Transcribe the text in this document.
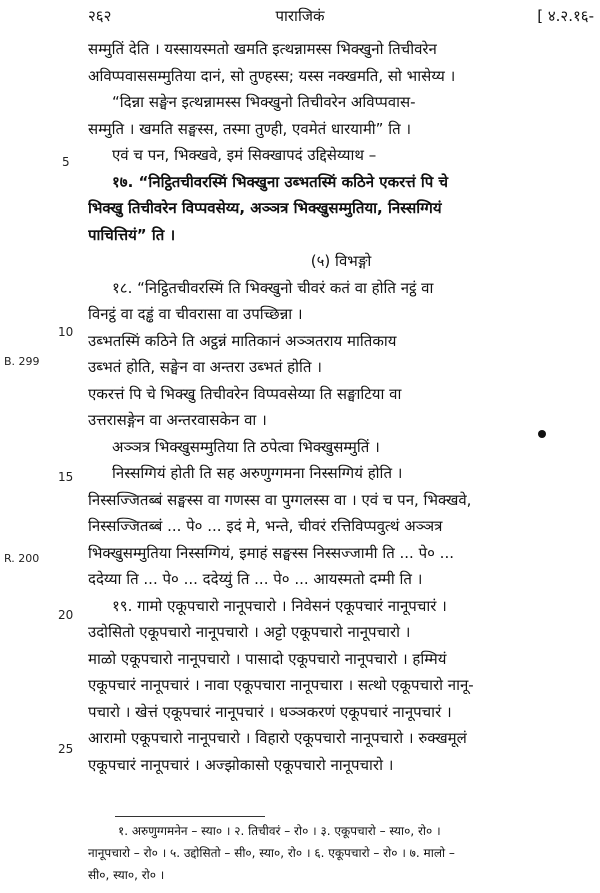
२६२	पाराजिकं	[ ४.२.१६-
5
10
15
20
25
B. 299
R. 200
सम्मुतिं देति । यस्सायस्मतो खमति इत्थन्नामस्स भिक्खुनो तिचीवरेन
अविप्पवाससम्मुतिया दानं, सो तुण्हस्स; यस्स नक्खमति, सो भासेय्य ।
“दिन्ना सङ्घेन इत्थन्नामस्स भिक्खुनो तिचीवरेन अविप्पवास-
सम्मुति । खमति सङ्घस्स, तस्मा तुण्ही, एवमेतं धारयामी” ति ।
एवं च पन, भिक्खवे, इमं सिक्खापदं उद्दिसेय्याथ –
१७. “निट्ठितचीवरस्मिं भिक्खुना उब्भतस्मिं कठिने एकरत्तं पि चे
भिक्खु तिचीवरेन विप्पवसेय्य, अञ्ञत्र भिक्खुसम्मुतिया, निस्सग्गियं
पाचित्तियं” ति ।
(५) विभङ्गो
१८. “निट्ठितचीवरस्मिं ति भिक्खुनो चीवरं कतं वा होति नट्ठं वा
विनट्ठं वा दड्ढं वा चीवरासा वा उपच्छिन्ना ।
उब्भतस्मिं कठिने ति अट्ठन्नं मातिकानं अञ्ञतराय मातिकाय
उब्भतं होति, सङ्घेन वा अन्तरा उब्भतं होति ।
एकरत्तं पि चे भिक्खु तिचीवरेन विप्पवसेय्या ति सङ्घाटिया वा
उत्तरासङ्गेन वा अन्तरवासकेन वा ।
अञ्ञत्र भिक्खुसम्मुतिया ति ठपेत्वा भिक्खुसम्मुतिं ।
निस्सग्गियं होती ति सह अरुणुग्गमना निस्सग्गियं होति ।
निस्सज्जितब्बं सङ्घस्स वा गणस्स वा पुग्गलस्स वा । एवं च पन, भिक्खवे,
निस्सज्जितब्बं ... पे० ... इदं मे, भन्ते, चीवरं रत्तिविप्पवुत्थं अञ्ञत्र
भिक्खुसम्मुतिया निस्सग्गियं, इमाहं सङ्घस्स निस्सज्जामी ति ... पे० ...
ददेय्या ति ... पे० ... ददेय्युं ति ... पे० ... आयस्मतो दम्मी ति ।
१९. गामो एकूपचारो नानूपचारो । निवेसनं एकूपचारं नानूपचारं ।
उदोसितो एकूपचारो नानूपचारो । अट्टो एकूपचारो नानूपचारो ।
माळो एकूपचारो नानूपचारो । पासादो एकूपचारो नानूपचारो । हम्मियं
एकूपचारं नानूपचारं । नावा एकूपचारा नानूपचारा । सत्थो एकूपचारो नानू-
पचारो । खेत्तं एकूपचारं नानूपचारं । धञ्ञकरणं एकूपचारं नानूपचारं ।
आरामो एकूपचारो नानूपचारो । विहारो एकूपचारो नानूपचारो । रुक्खमूलं
एकूपचारं नानूपचारं । अज्झोकासो एकूपचारो नानूपचारो ।
१. अरुणुग्गमनेन – स्या० । २. तिचीवरं – रो० । ३. एकूपचारो – स्या०, रो० ।
नानूपचारो – रो० । ५. उद्दोसितो – सी०, स्या०, रो० । ६. एकूपचारो – रो० । ७. मालो –
सी०, स्या०, रो० ।
